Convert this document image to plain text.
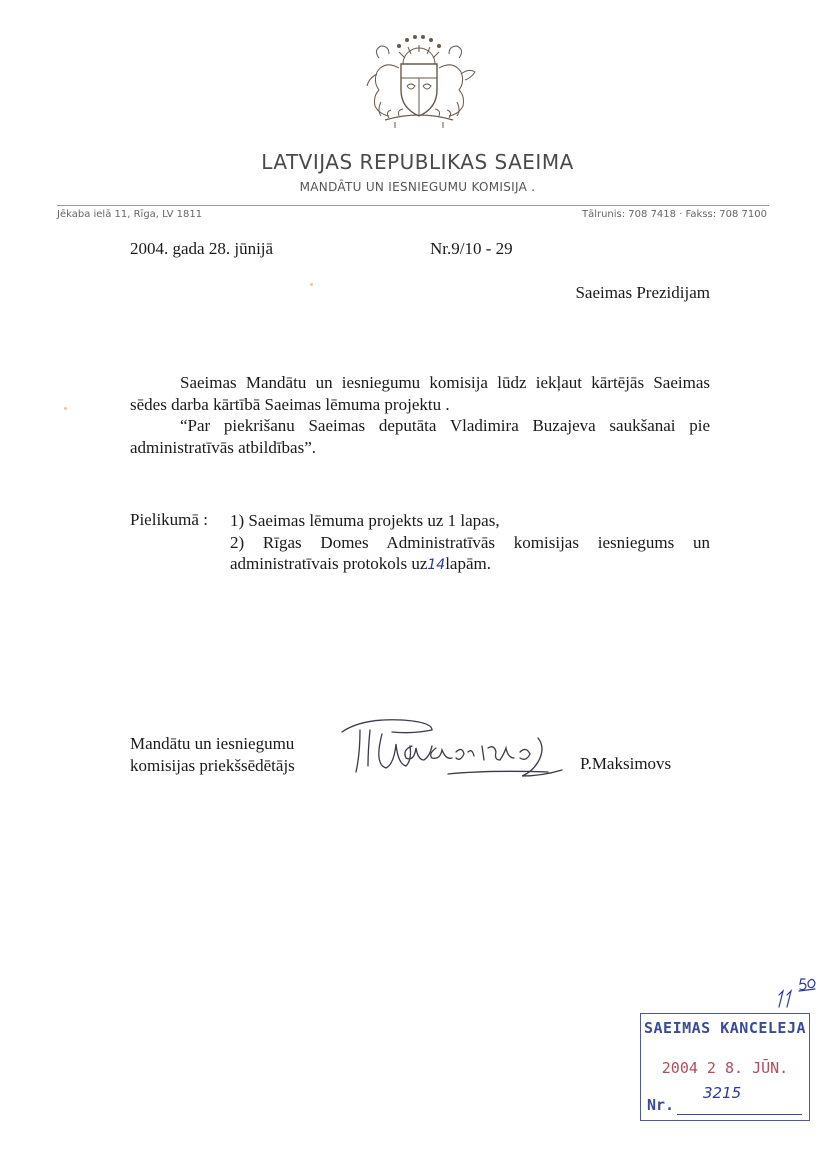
LATVIJAS REPUBLIKAS SAEIMA
MANDĀTU UN IESNIEGUMU KOMISIJA .
Jēkaba ielā 11, Rīga, LV 1811	Tālrunis: 708 7418 · Fakss: 708 7100
2004. gada 28. jūnijā	Nr.9/10 - 29
Saeimas Prezidijam

Saeimas Mandātu un iesniegumu komisija lūdz iekļaut kārtējās Saeimas sēdes darba kārtībā Saeimas lēmuma projektu .

“Par piekrišanu Saeimas deputāta Vladimira Buzajeva saukšanai pie administratīvās atbildības”.

Pielikumā : 1) Saeimas lēmuma projekts uz 1 lapas,

2) Rīgas Domes Administratīvās komisijas iesniegums un

administratīvais protokols uz14lapām.

Mandātu un iesniegumu

komisijas priekšsēdētājs	P.Maksimovs
SAEIMAS KANCELEJA
2004 2 8. JŪN.
Nr.
3215
